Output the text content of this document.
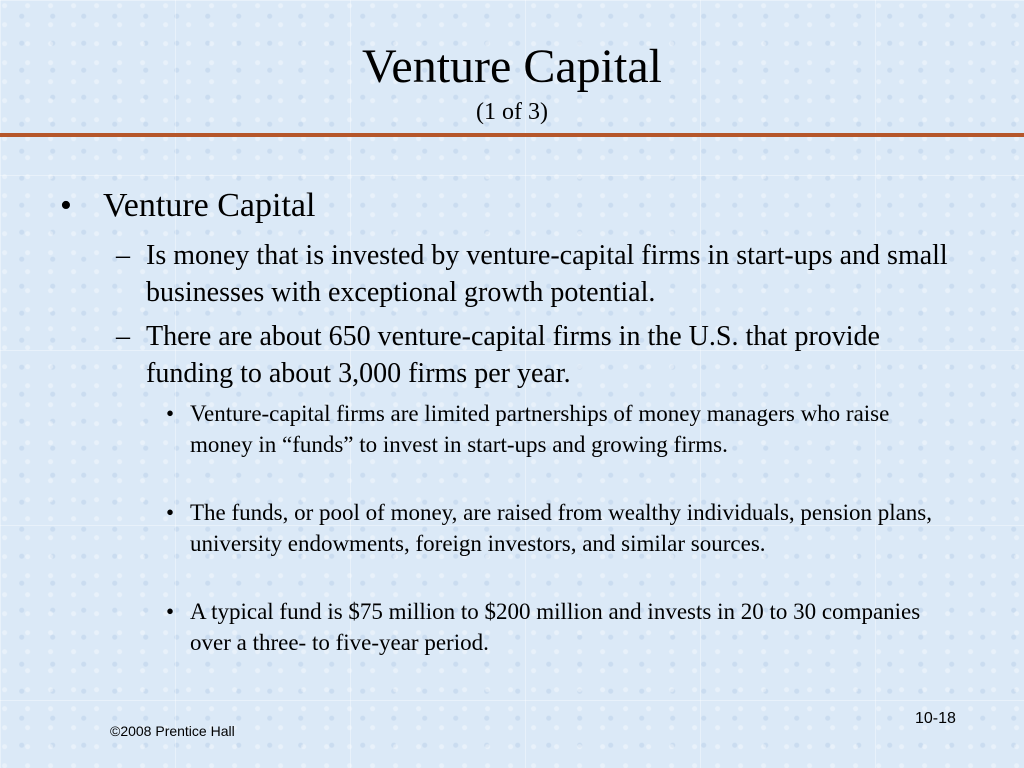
Venture Capital
(1 of 3)
• Venture Capital
– Is money that is invested by venture-capital firms in start-ups and small businesses with exceptional growth potential.
– There are about 650 venture-capital firms in the U.S. that provide funding to about 3,000 firms per year.
• Venture-capital firms are limited partnerships of money managers who raise money in “funds” to invest in start-ups and growing firms.
• The funds, or pool of money, are raised from wealthy individuals, pension plans, university endowments, foreign investors, and similar sources.
• A typical fund is $75 million to $200 million and invests in 20 to 30 companies over a three- to five-year period.
©2008 Prentice Hall
10-18
